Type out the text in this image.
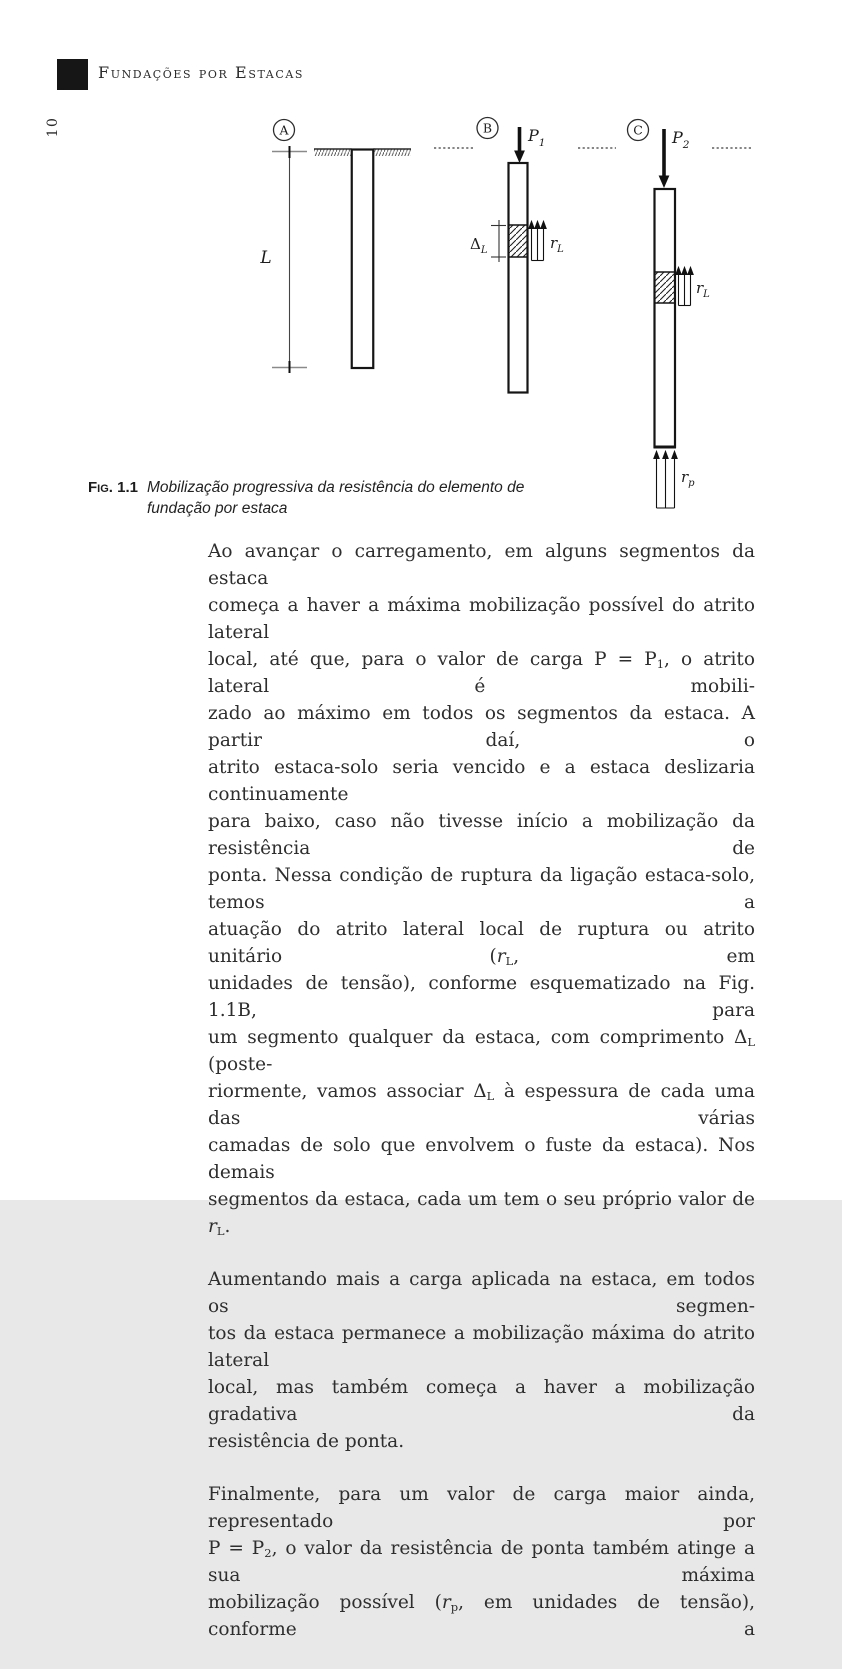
Fundações por Estacas
10	A
L
B $P_1$
$\Delta_L$	$r_L$
C $P_2$
$r_L$
$r_p$
Fig. 1.1 Mobilização progressiva da resistência do elemento de
fundação por estaca
Ao avançar o carregamento, em alguns segmentos da estaca
começa a haver a máxima mobilização possível do atrito lateral
local, até que, para o valor de carga $P = P_1$, o atrito lateral é mobili-
zado ao máximo em todos os segmentos da estaca. A partir daí, o
atrito estaca-solo seria vencido e a estaca deslizaria continuamente
para baixo, caso não tivesse início a mobilização da resistência de
ponta. Nessa condição de ruptura da ligação estaca-solo, temos a
atuação do atrito lateral local de ruptura ou atrito unitário ($r_L$, em
unidades de tensão), conforme esquematizado na Fig. 1.1B, para
um segmento qualquer da estaca, com comprimento $\Delta_L$ (poste-
riormente, vamos associar $\Delta_L$ à espessura de cada uma das várias
camadas de solo que envolvem o fuste da estaca). Nos demais
segmentos da estaca, cada um tem o seu próprio valor de $r_L$.
Aumentando mais a carga aplicada na estaca, em todos os segmen-
tos da estaca permanece a mobilização máxima do atrito lateral
local, mas também começa a haver a mobilização gradativa da
resistência de ponta.
Finalmente, para um valor de carga maior ainda, representado por
$P = P_2$, o valor da resistência de ponta também atinge a sua máxima
mobilização possível ($r_p$, em unidades de tensão), conforme a
